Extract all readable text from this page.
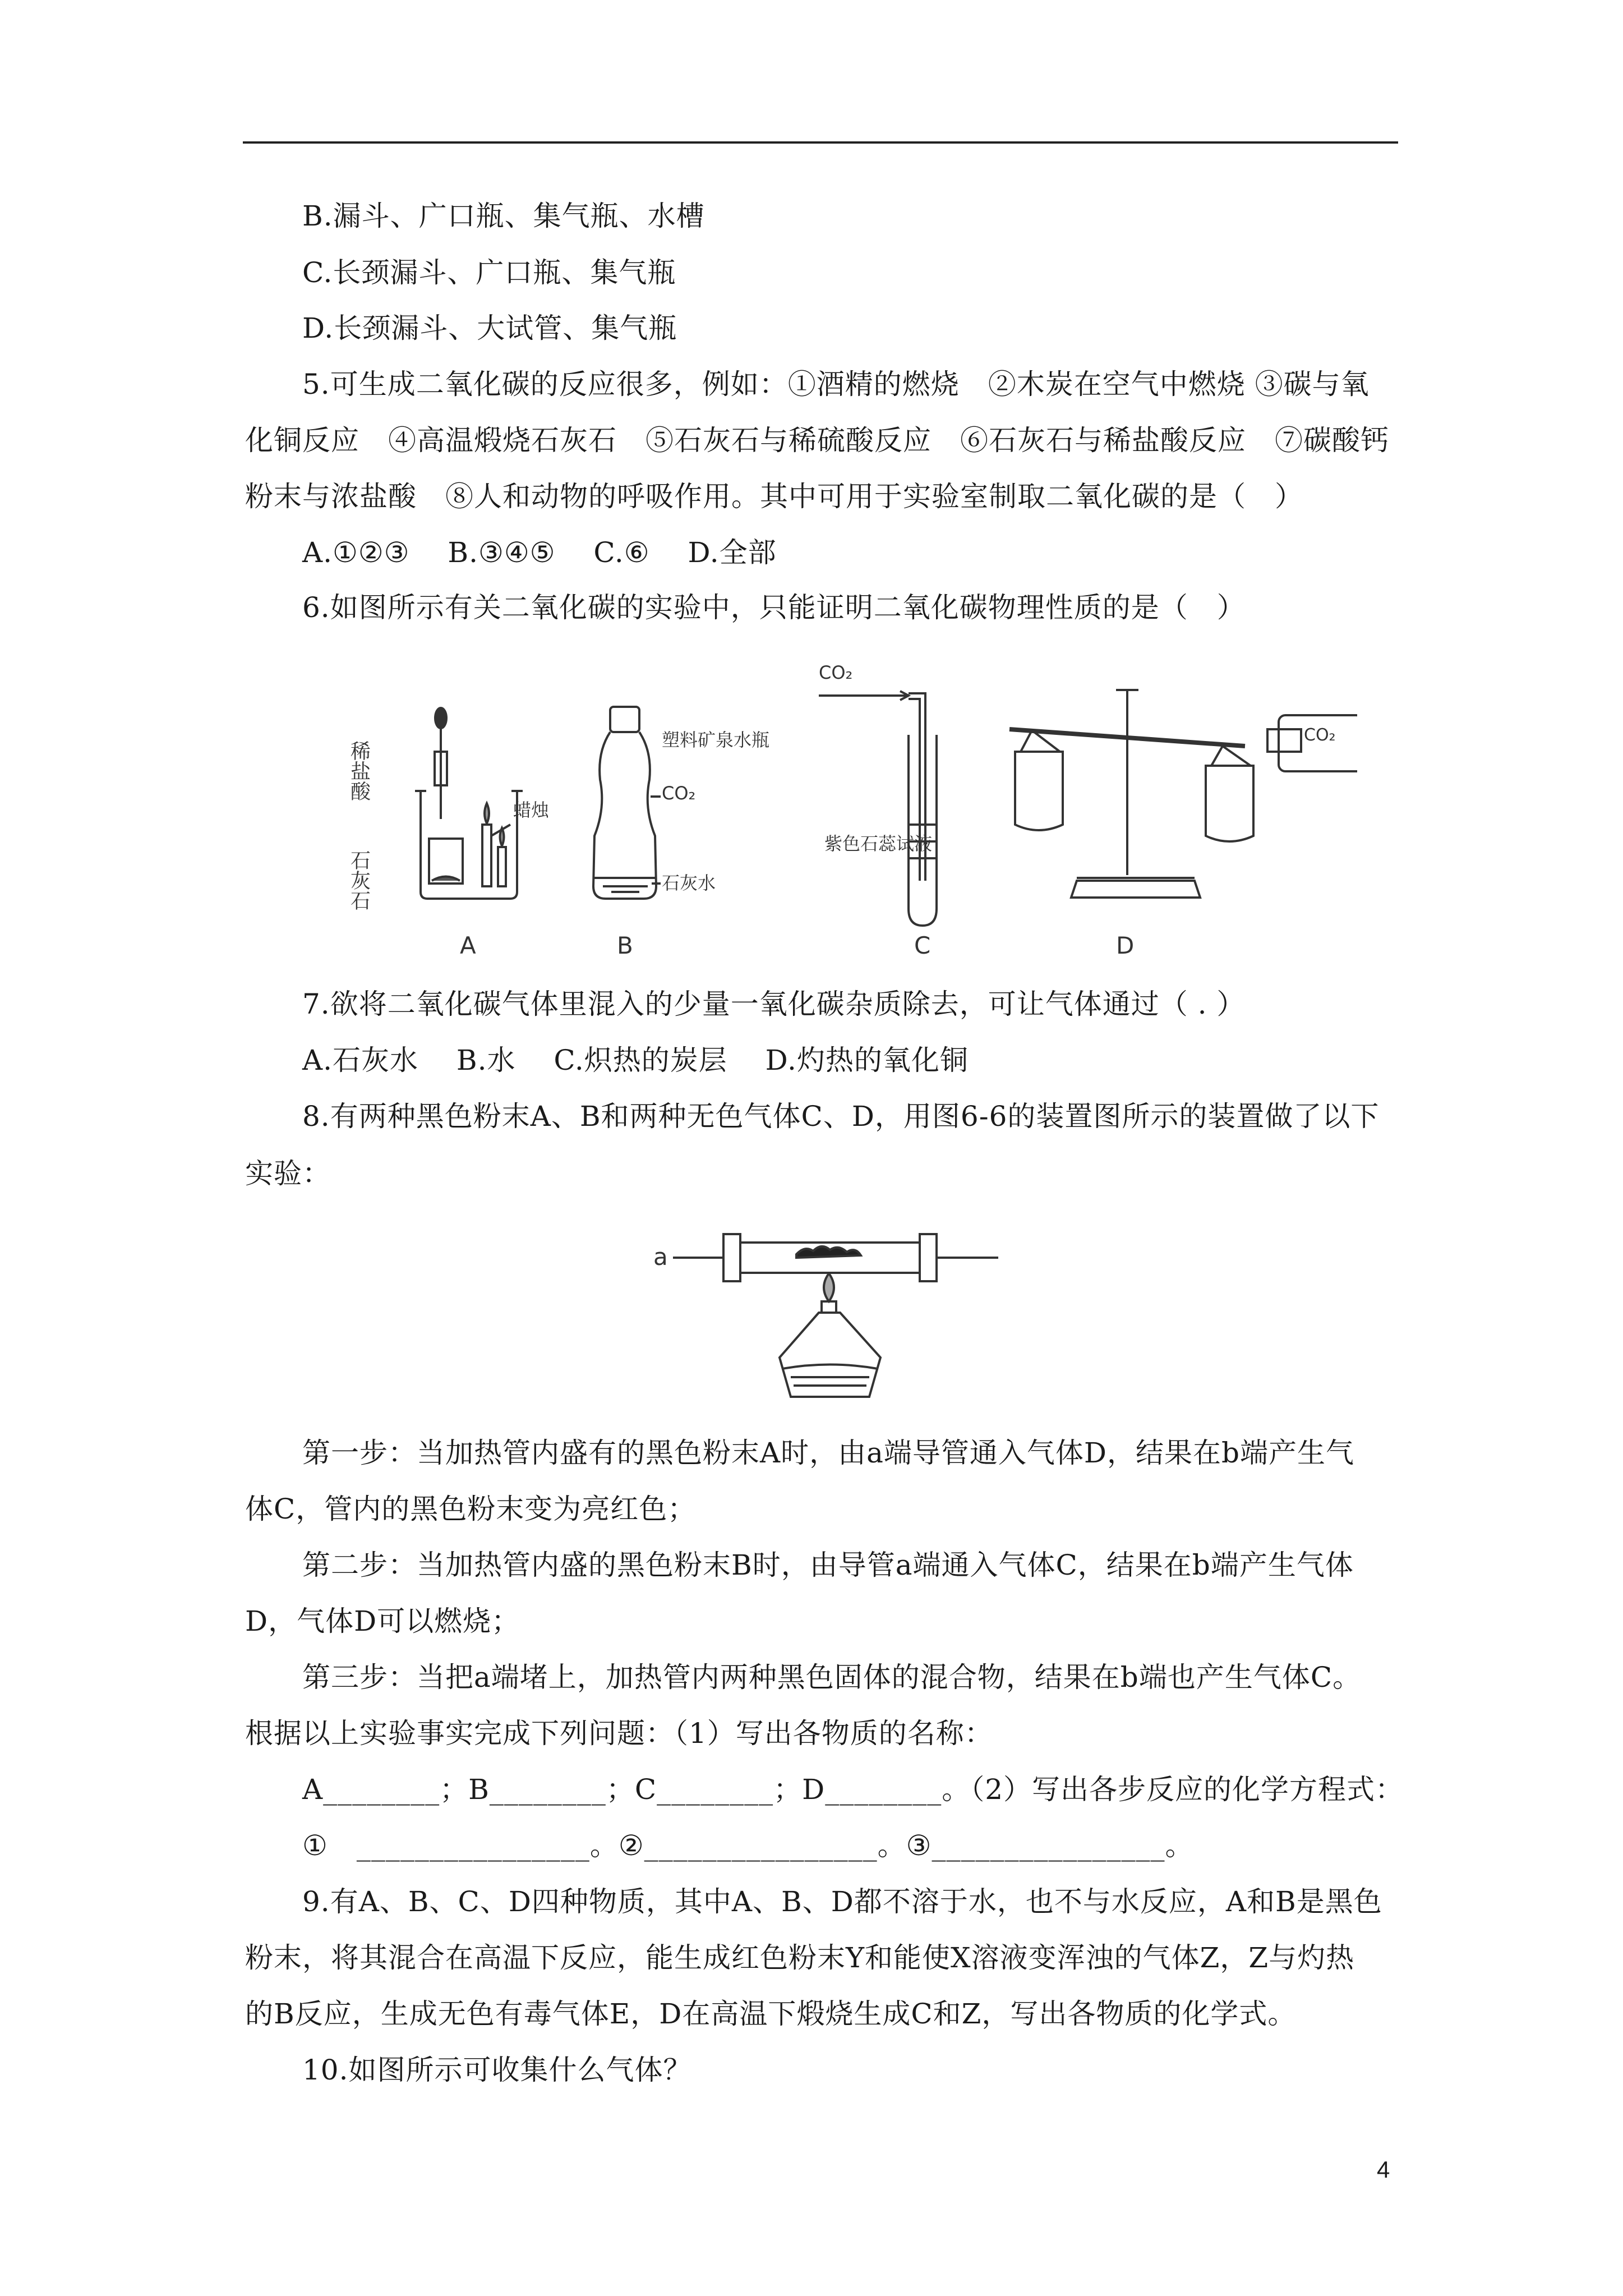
B.漏斗、广口瓶、集气瓶、水槽
C.长颈漏斗、广口瓶、集气瓶
D.长颈漏斗、大试管、集气瓶
5.可生成二氧化碳的反应很多，例如：①酒精的燃烧　②木炭在空气中燃烧 ③碳与氧
化铜反应　④高温煅烧石灰石　⑤石灰石与稀硫酸反应　⑥石灰石与稀盐酸反应　⑦碳酸钙
粉末与浓盐酸　⑧人和动物的呼吸作用。其中可用于实验室制取二氧化碳的是（　）
A.①②③　 B.③④⑤　 C.⑥　 D.全部
6.如图所示有关二氧化碳的实验中，只能证明二氧化碳物理性质的是（　）
稀盐酸
石灰石
蜡烛
A
塑料矿泉水瓶
CO₂
石灰水
B
CO₂
紫色石蕊试液
C
CO₂
D
7.欲将二氧化碳气体里混入的少量一氧化碳杂质除去，可让气体通过（ . ）
A.石灰水　 B.水　 C.炽热的炭层　 D.灼热的氧化铜
8.有两种黑色粉末A、B和两种无色气体C、D，用图6-6的装置图所示的装置做了以下
实验：
a
第一步：当加热管内盛有的黑色粉末A时，由a端导管通入气体D，结果在b端产生气
体C，管内的黑色粉末变为亮红色；
第二步：当加热管内盛的黑色粉末B时，由导管a端通入气体C，结果在b端产生气体
D，气体D可以燃烧；
第三步：当把a端堵上，加热管内两种黑色固体的混合物，结果在b端也产生气体C。
根据以上实验事实完成下列问题：（1）写出各物质的名称：
A________；B________；C________；D________。（2）写出各步反应的化学方程式：
①　________________。②________________。③________________。
9.有A、B、C、D四种物质，其中A、B、D都不溶于水，也不与水反应，A和B是黑色
粉末，将其混合在高温下反应，能生成红色粉末Y和能使X溶液变浑浊的气体Z，Z与灼热
的B反应，生成无色有毒气体E，D在高温下煅烧生成C和Z，写出各物质的化学式。
10.如图所示可收集什么气体？
4
